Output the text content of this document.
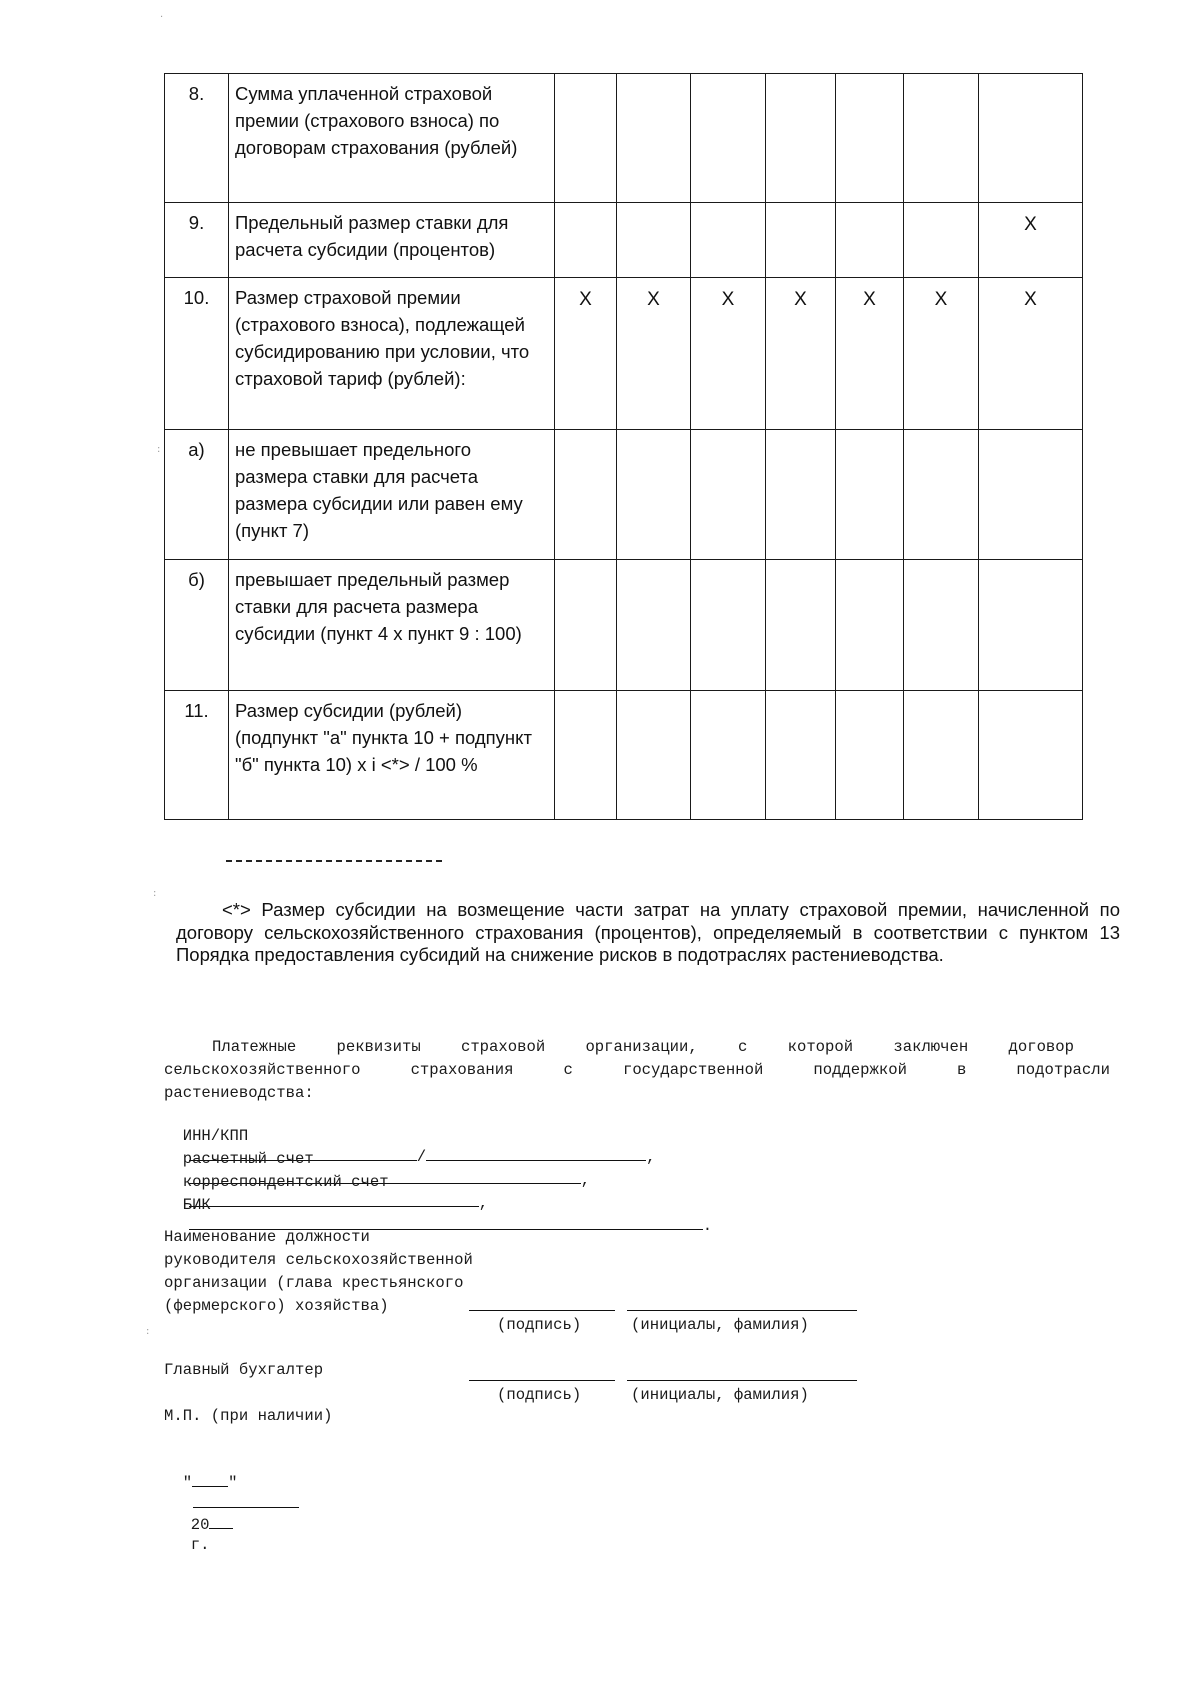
8.	Сумма уплаченной страховой премии (страхового взноса) по договорам страхования (рублей)							
9.	Предельный размер ставки для расчета субсидии (процентов)							Х
10.	Размер страховой премии (страхового взноса), подлежащей субсидированию при условии, что страховой тариф (рублей):	Х	Х	Х	Х	Х	Х	Х
а)	не превышает предельного размера ставки для расчета размера субсидии или равен ему (пункт 7)							
б)	превышает предельный размер ставки для расчета размера субсидии (пункт 4 х пункт 9 : 100)							
11.	Размер субсидии (рублей) (подпункт "а" пункта 10 + подпункт "б" пункта 10) х i <*> / 100 %							

<*> Размер субсидии на возмещение части затрат на уплату страховой премии, начисленной по договору сельскохозяйственного страхования (процентов), определяемый в соответствии с пунктом 13 Порядка предоставления субсидий на снижение рисков в подотраслях растениеводства.

Платежные реквизиты страховой организации, с которой заключен договор
сельскохозяйственного страхования с государственной поддержкой в подотрасли
растениеводства:

ИНН/КПП
/	,

расчетный счет
,

корреспондентский счет
,

БИК
.

Наименование должности
руководителя сельскохозяйственной
организации (глава крестьянского
(фермерского) хозяйства)
(подпись)	(инициалы, фамилия)
Главный бухгалтер
(подпись)	(инициалы, фамилия)
М.П. (при наличии)

" "

20
г.

·
:
:
:
